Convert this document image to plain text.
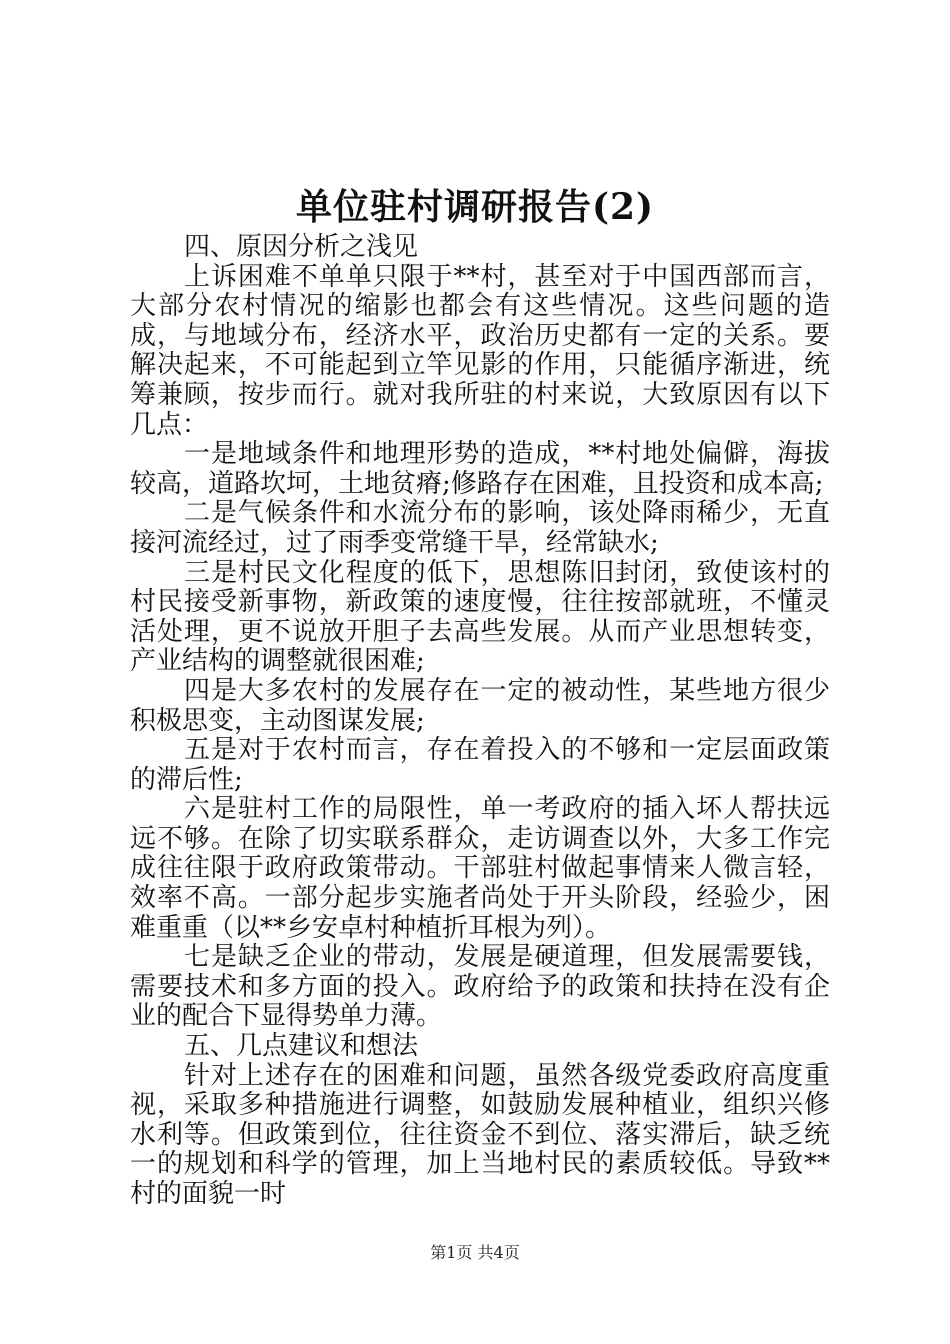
单位驻村调研报告(2)

四、原因分析之浅见

上诉困难不单单只限于**村，甚至对于中国西部而言，大部分农村情况的缩影也都会有这些情况。这些问题的造成，与地域分布，经济水平，政治历史都有一定的关系。要解决起来，不可能起到立竿见影的作用，只能循序渐进，统筹兼顾，按步而行。就对我所驻的村来说，大致原因有以下几点：

一是地域条件和地理形势的造成，**村地处偏僻，海拔较高，道路坎坷，土地贫瘠;修路存在困难，且投资和成本高;

二是气候条件和水流分布的影响，该处降雨稀少，无直接河流经过，过了雨季变常缝干旱，经常缺水;

三是村民文化程度的低下，思想陈旧封闭，致使该村的村民接受新事物，新政策的速度慢，往往按部就班，不懂灵活处理，更不说放开胆子去高些发展。从而产业思想转变，产业结构的调整就很困难;

四是大多农村的发展存在一定的被动性，某些地方很少积极思变，主动图谋发展;

五是对于农村而言，存在着投入的不够和一定层面政策的滞后性;

六是驻村工作的局限性，单一考政府的插入坏人帮扶远远不够。在除了切实联系群众，走访调查以外，大多工作完成往往限于政府政策带动。干部驻村做起事情来人微言轻，效率不高。一部分起步实施者尚处于开头阶段，经验少，困难重重（以**乡安卓村种植折耳根为列）。

七是缺乏企业的带动，发展是硬道理，但发展需要钱，需要技术和多方面的投入。政府给予的政策和扶持在没有企业的配合下显得势单力薄。

五、几点建议和想法

针对上述存在的困难和问题，虽然各级党委政府高度重视，采取多种措施进行调整，如鼓励发展种植业，组织兴修水利等。但政策到位，往往资金不到位、落实滞后，缺乏统一的规划和科学的管理，加上当地村民的素质较低。导致**村的面貌一时

第1页 共4页
